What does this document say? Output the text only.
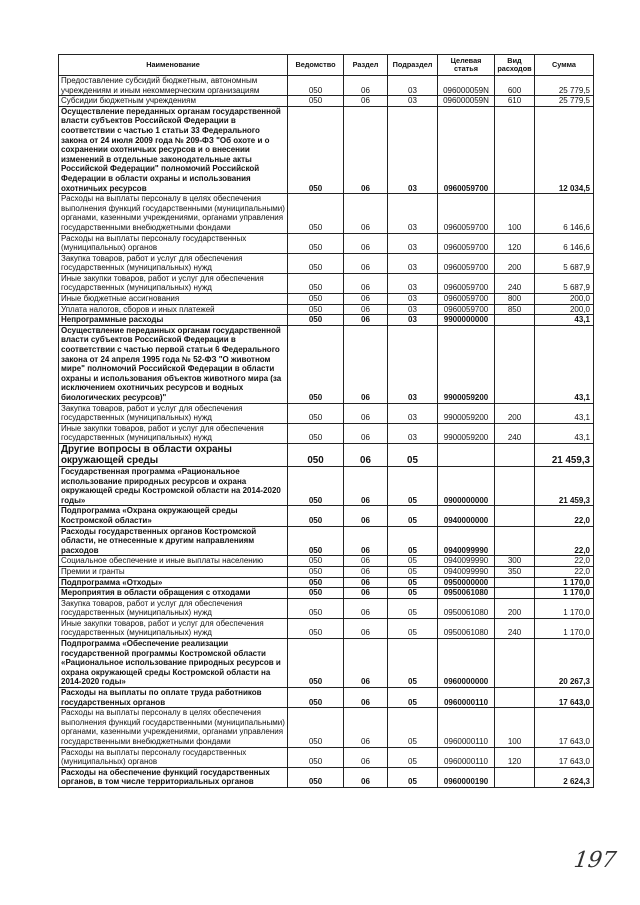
Наименование	Ведомство	Раздел	Подраздел	Целевая статья	Вид расходов	Сумма
Предоставление субсидий бюджетным, автономным учреждениям и иным некоммерческим организациям	050	06	03	096000059N	600	25 779,5
Субсидии бюджетным учреждениям	050	06	03	096000059N	610	25 779,5
Осуществление переданных органам государственной власти субъектов Российской Федерации в соответствии с частью 1 статьи 33 Федерального закона от 24 июля 2009 года № 209-ФЗ "Об охоте и о сохранении охотничьих ресурсов и о внесении изменений в отдельные законодательные акты Российской Федерации" полномочий Российской Федерации в области охраны и использования охотничьих ресурсов	050	06	03	0960059700		12 034,5
Расходы на выплаты персоналу в целях обеспечения выполнения функций государственными (муниципальными) органами, казенными учреждениями, органами управления государственными внебюджетными фондами	050	06	03	0960059700	100	6 146,6
Расходы на выплаты персоналу государственных (муниципальных) органов	050	06	03	0960059700	120	6 146,6
Закупка товаров, работ и услуг для обеспечения государственных (муниципальных) нужд	050	06	03	0960059700	200	5 687,9
Иные закупки товаров, работ и услуг для обеспечения государственных (муниципальных) нужд	050	06	03	0960059700	240	5 687,9
Иные бюджетные ассигнования	050	06	03	0960059700	800	200,0
Уплата налогов, сборов и иных платежей	050	06	03	0960059700	850	200,0
Непрограммные расходы	050	06	03	9900000000		43,1
Осуществление переданных органам государственной власти субъектов Российской Федерации в соответствии с частью первой статьи 6 Федерального закона от 24 апреля 1995 года № 52-ФЗ "О животном мире" полномочий Российской Федерации в области охраны и использования объектов животного мира (за исключением охотничьих ресурсов и водных биологических ресурсов)"	050	06	03	9900059200		43,1
Закупка товаров, работ и услуг для обеспечения государственных (муниципальных) нужд	050	06	03	9900059200	200	43,1
Иные закупки товаров, работ и услуг для обеспечения государственных (муниципальных) нужд	050	06	03	9900059200	240	43,1
Другие вопросы в области охраны окружающей среды	050	06	05			21 459,3
Государственная программа «Рациональное использование природных ресурсов и охрана окружающей среды Костромской области на 2014-2020 годы»	050	06	05	0900000000		21 459,3
Подпрограмма «Охрана окружающей среды Костромской области»	050	06	05	0940000000		22,0
Расходы государственных органов Костромской области, не отнесенные к другим направлениям расходов	050	06	05	0940099990		22,0
Социальное обеспечение и иные выплаты населению	050	06	05	0940099990	300	22,0
Премии и гранты	050	06	05	0940099990	350	22,0
Подпрограмма «Отходы»	050	06	05	0950000000		1 170,0
Мероприятия в области обращения с отходами	050	06	05	0950061080		1 170,0
Закупка товаров, работ и услуг для обеспечения государственных (муниципальных) нужд	050	06	05	0950061080	200	1 170,0
Иные закупки товаров, работ и услуг для обеспечения государственных (муниципальных) нужд	050	06	05	0950061080	240	1 170,0
Подпрограмма «Обеспечение реализации государственной программы Костромской области «Рациональное использование природных ресурсов и охрана окружающей среды Костромской области на 2014-2020 годы»	050	06	05	0960000000		20 267,3
Расходы на выплаты по оплате труда работников государственных органов	050	06	05	0960000110		17 643,0
Расходы на выплаты персоналу в целях обеспечения выполнения функций государственными (муниципальными) органами, казенными учреждениями, органами управления государственными внебюджетными фондами	050	06	05	0960000110	100	17 643,0
Расходы на выплаты персоналу государственных (муниципальных) органов	050	06	05	0960000110	120	17 643,0
Расходы на обеспечение функций государственных органов, в том числе территориальных органов	050	06	05	0960000190		2 624,3
197
